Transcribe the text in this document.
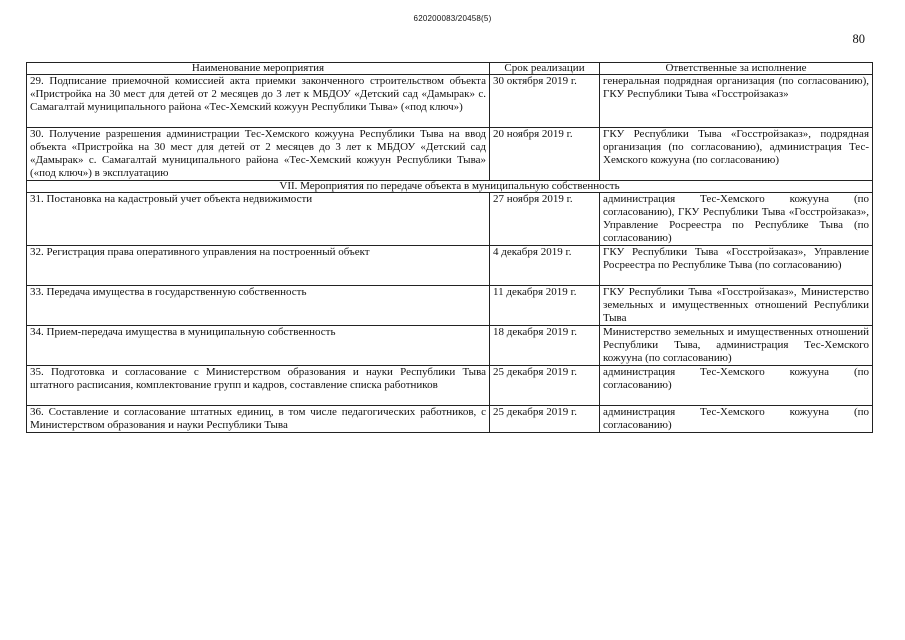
620200083/20458(5)
80
Наименование мероприятия	Срок реализации	Ответственные за исполнение
29. Подписание приемочной комиссией акта приемки законченного строительством объекта «Пристройка на 30 мест для детей от 2 месяцев до 3 лет к МБДОУ «Детский сад «Дамырак» с. Самагалтай муниципального района «Тес-Хемский кожуун Республики Тыва» («под ключ»)	30 октября 2019 г.	генеральная подрядная организация (по согласованию), ГКУ Республики Тыва «Госстройзаказ»
30. Получение разрешения администрации Тес-Хемского кожууна Республики Тыва на ввод объекта «Пристройка на 30 мест для детей от 2 месяцев до 3 лет к МБДОУ «Детский сад «Дамырак» с. Самагалтай муниципального района «Тес-Хемский кожуун Республики Тыва» («под ключ») в эксплуатацию	20 ноября 2019 г.	ГКУ Республики Тыва «Госстройзаказ», подрядная организация (по согласованию), администрация Тес-Хемского кожууна (по согласованию)
VII. Мероприятия по передаче объекта в муниципальную собственность		
31. Постановка на кадастровый учет объекта недвижимости	27 ноября 2019 г.	администрация Тес-Хемского кожууна (по согласованию), ГКУ Республики Тыва «Госстройзаказ», Управление Росреестра по Республике Тыва (по согласованию)
32. Регистрация права оперативного управления на построенный объект	4 декабря 2019 г.	ГКУ Республики Тыва «Госстройзаказ», Управление Росреестра по Республике Тыва (по согласованию)
33. Передача имущества в государственную собственность	11 декабря 2019 г.	ГКУ Республики Тыва «Госстройзаказ», Министерство земельных и имущественных отношений Республики Тыва
34. Прием-передача имущества в муниципальную собственность	18 декабря 2019 г.	Министерство земельных и имущественных отношений Республики Тыва, администрация Тес-Хемского кожууна (по согласованию)
35. Подготовка и согласование с Министерством образования и науки Республики Тыва штатного расписания, комплектование групп и кадров, составление списка работников	25 декабря 2019 г.	администрация Тес-Хемского кожууна (по согласованию)
36. Составление и согласование штатных единиц, в том числе педагогических работников, с Министерством образования и науки Республики Тыва	25 декабря 2019 г.	администрация Тес-Хемского кожууна (по согласованию)
